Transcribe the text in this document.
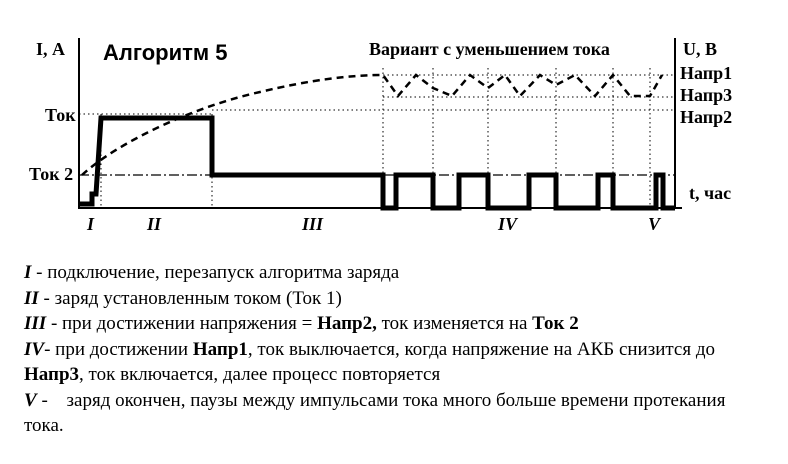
Алгоритм 5	Вариант с уменьшением тока
I, А	U, В
t, час
Ток
Ток 2
Напр1
Напр3
Напр2
I	II	III	IV	V

I - подключение, перезапуск алгоритма заряда

II - заряд установленным током (Ток 1)

III - при достижении напряжения = Напр2, ток изменяется на Ток 2

IV- при достижении Напр1, ток выключается, когда напряжение на АКБ снизится до Напр3, ток включается, далее процесс повторяется

V - заряд окончен, паузы между импульсами тока много больше времени протекания тока.
